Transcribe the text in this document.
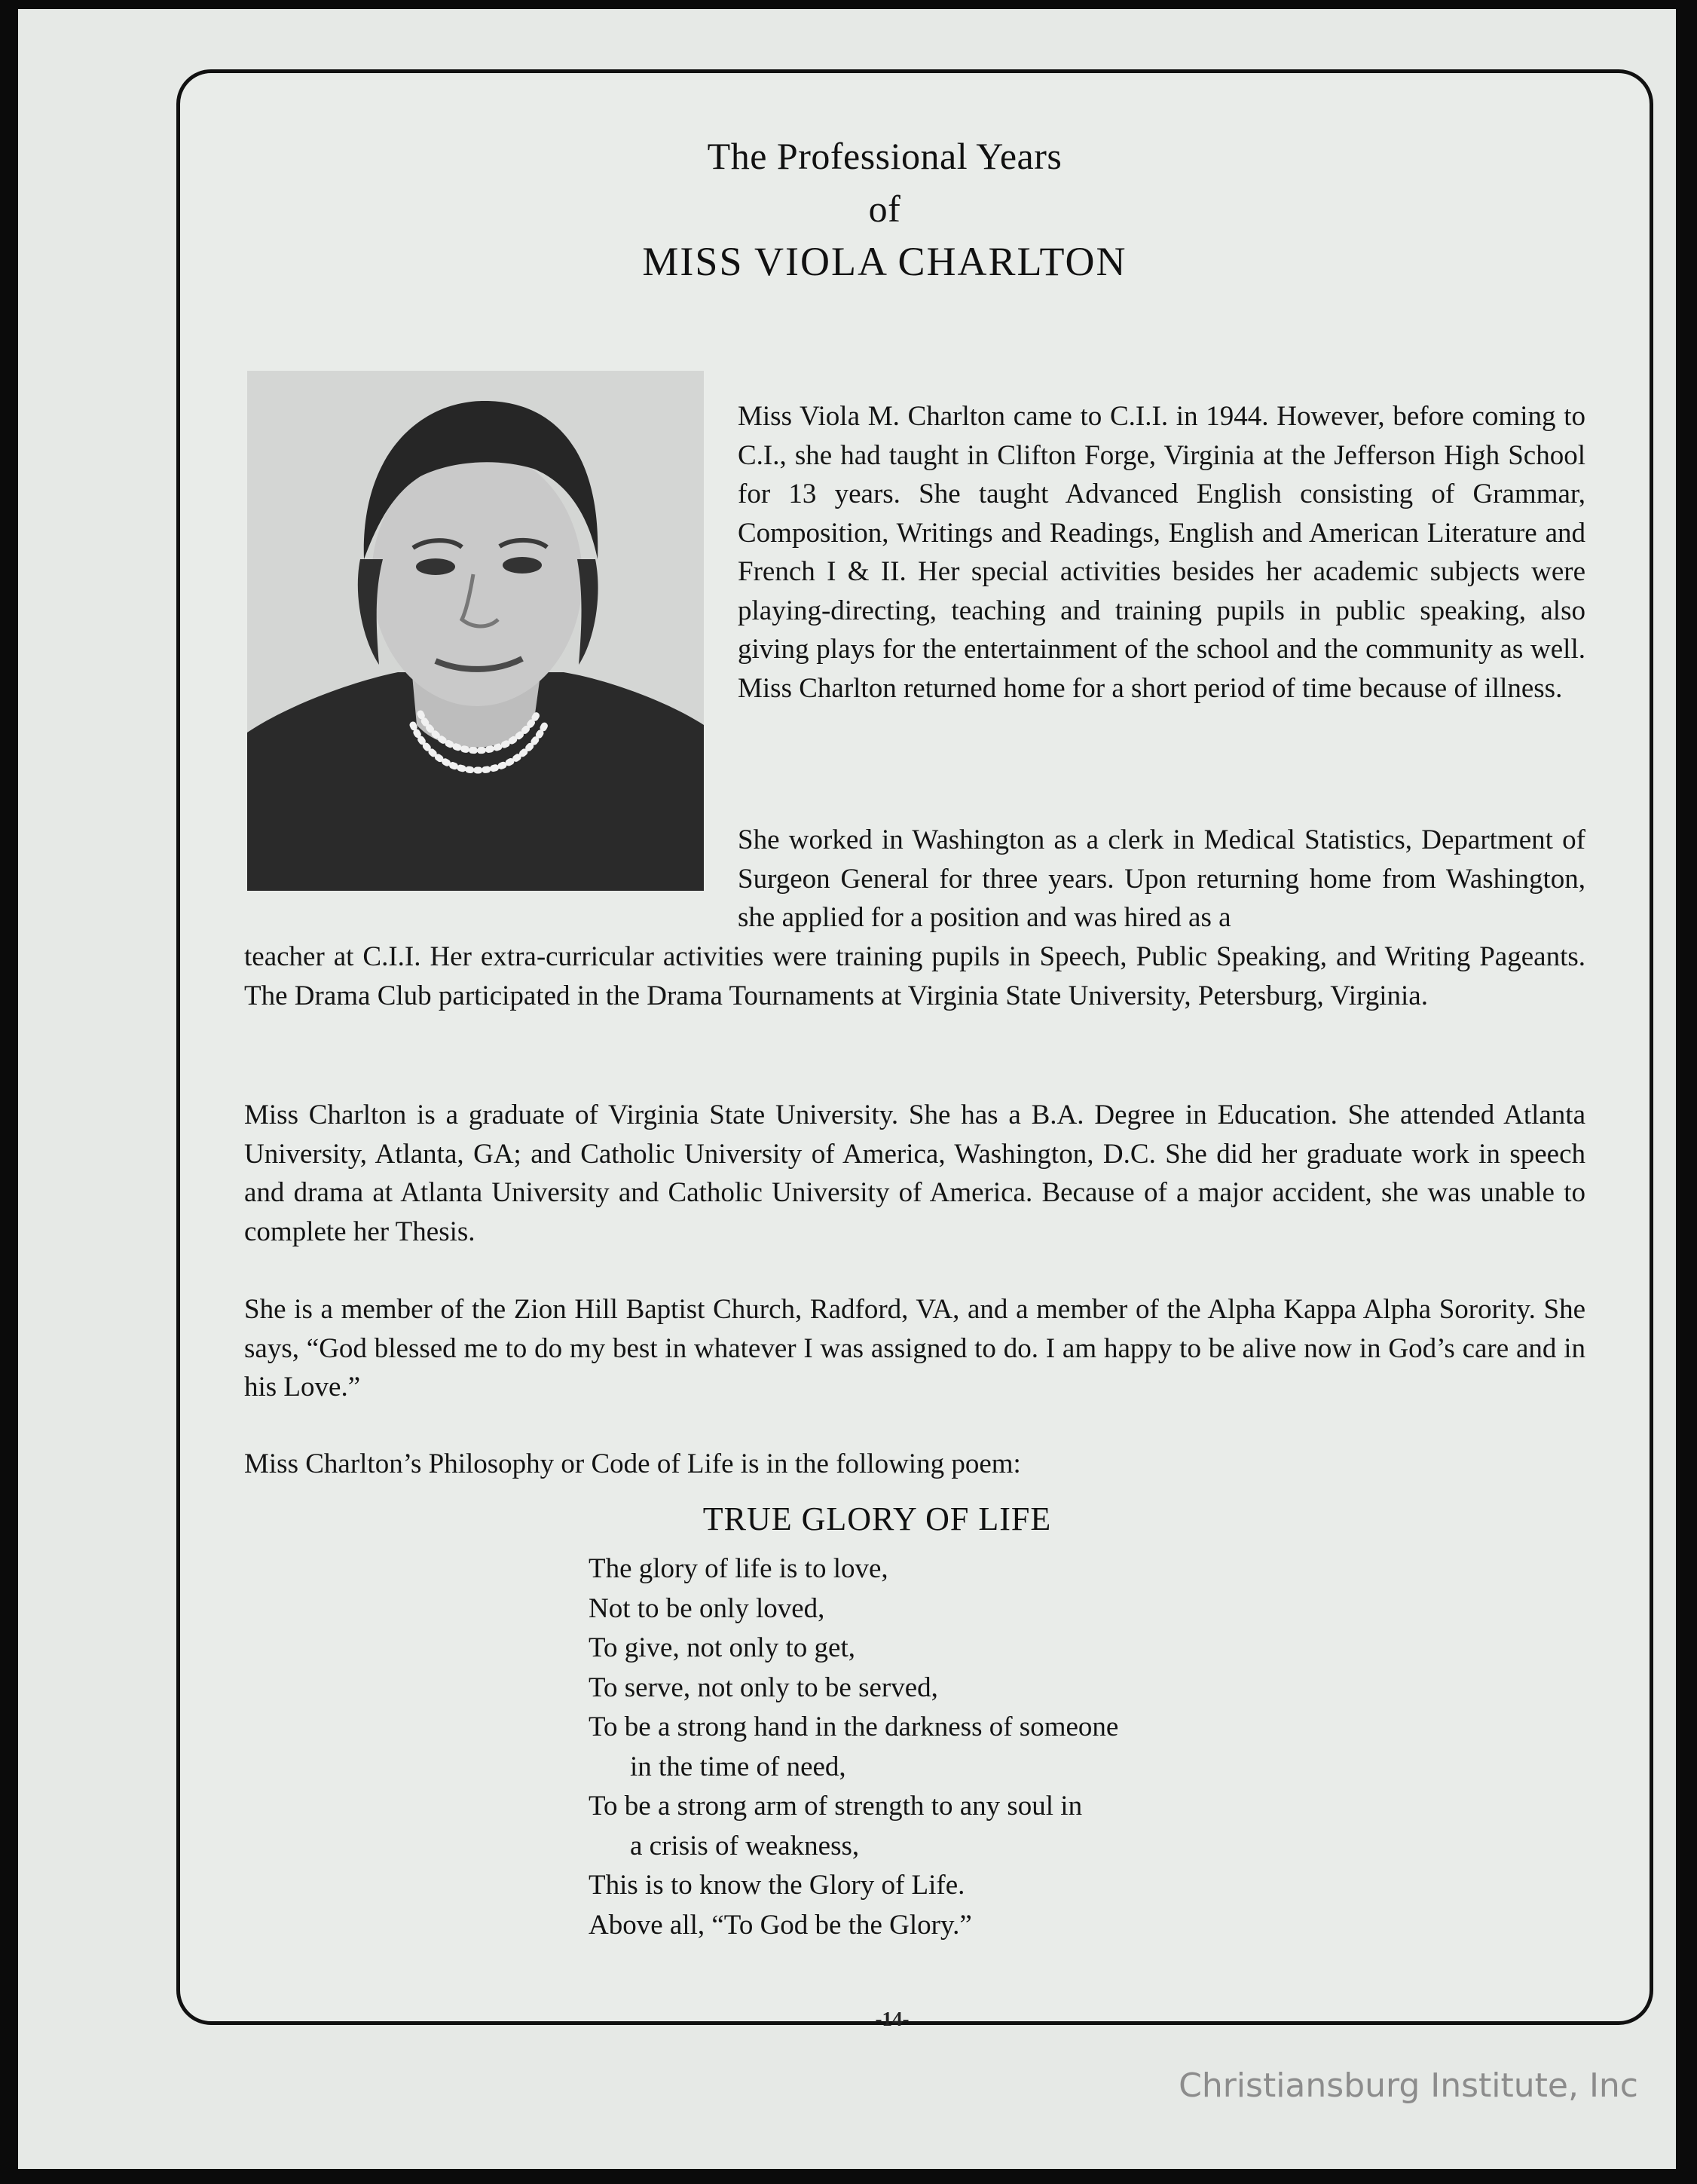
The Professional Years
of
MISS VIOLA CHARLTON

Miss Viola M. Charlton came to C.I.I. in 1944. However, before coming to C.I., she had taught in Clifton Forge, Virginia at the Jefferson High School for 13 years. She taught Advanced English consisting of Grammar, Composition, Writings and Readings, English and American Literature and French I & II. Her special activities besides her academic subjects were playing-directing, teaching and training pupils in public speaking, also giving plays for the entertainment of the school and the community as well. Miss Charlton returned home for a short period of time because of illness.

She worked in Washington as a clerk in Medical Statistics, Department of Surgeon General for three years. Upon returning home from Washington, she applied for a position and was hired as a

teacher at C.I.I. Her extra-curricular activities were training pupils in Speech, Public Speaking, and Writing Pageants. The Drama Club participated in the Drama Tournaments at Virginia State University, Petersburg, Virginia.

Miss Charlton is a graduate of Virginia State University. She has a B.A. Degree in Education. She attended Atlanta University, Atlanta, GA; and Catholic University of America, Washington, D.C. She did her graduate work in speech and drama at Atlanta University and Catholic University of America. Because of a major accident, she was unable to complete her Thesis.

She is a member of the Zion Hill Baptist Church, Radford, VA, and a member of the Alpha Kappa Alpha Sorority. She says, “God blessed me to do my best in whatever I was assigned to do. I am happy to be alive now in God’s care and in his Love.”

Miss Charlton’s Philosophy or Code of Life is in the following poem:

TRUE GLORY OF LIFE
The glory of life is to love,
Not to be only loved,
To give, not only to get,
To serve, not only to be served,
To be a strong hand in the darkness of someone
in the time of need,
To be a strong arm of strength to any soul in
a crisis of weakness,
This is to know the Glory of Life.
Above all, “To God be the Glory.”
-14-
Christiansburg Institute, Inc
